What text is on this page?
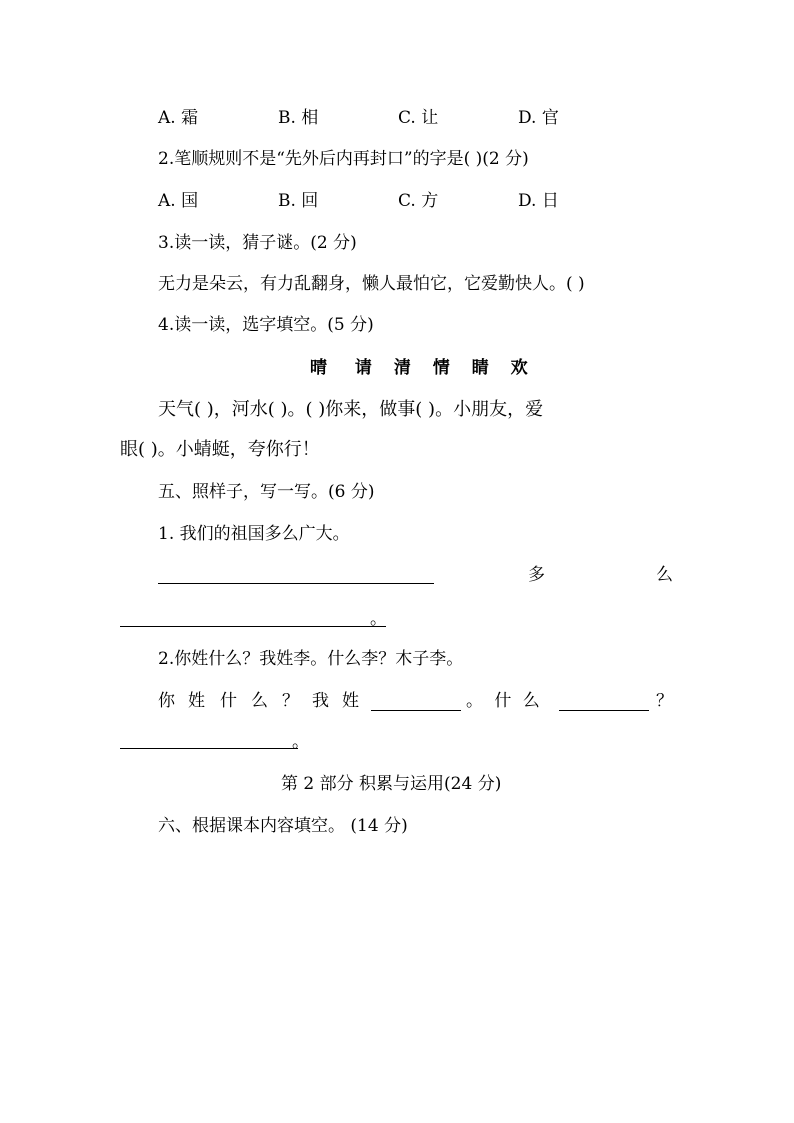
A. 霜	B. 相	C. 让	D. 官
2.笔顺规则不是“先外后内再封口”的字是( )(2 分)
A. 国	B. 回	C. 方	D. 日
3.读一读，猜子谜。(2 分)
无力是朵云，有力乱翻身，懒人最怕它，它爱勤快人。( )
4.读一读，选字填空。(5 分)
晴 请 清 情 睛 欢
天气( )，河水( )。( )你来，做事( )。小朋友，爱
眼( )。小蜻蜓，夸你行！
五、照样子，写一写。(6 分)
1. 我们的祖国多么广大。
多	么
。
2.你姓什么？我姓李。什么李？木子李。
你 姓 什 么 ？ 我 姓	。 什 么	？
。
第 2 部分 积累与运用(24 分)
六、根据课本内容填空。 (14 分)
